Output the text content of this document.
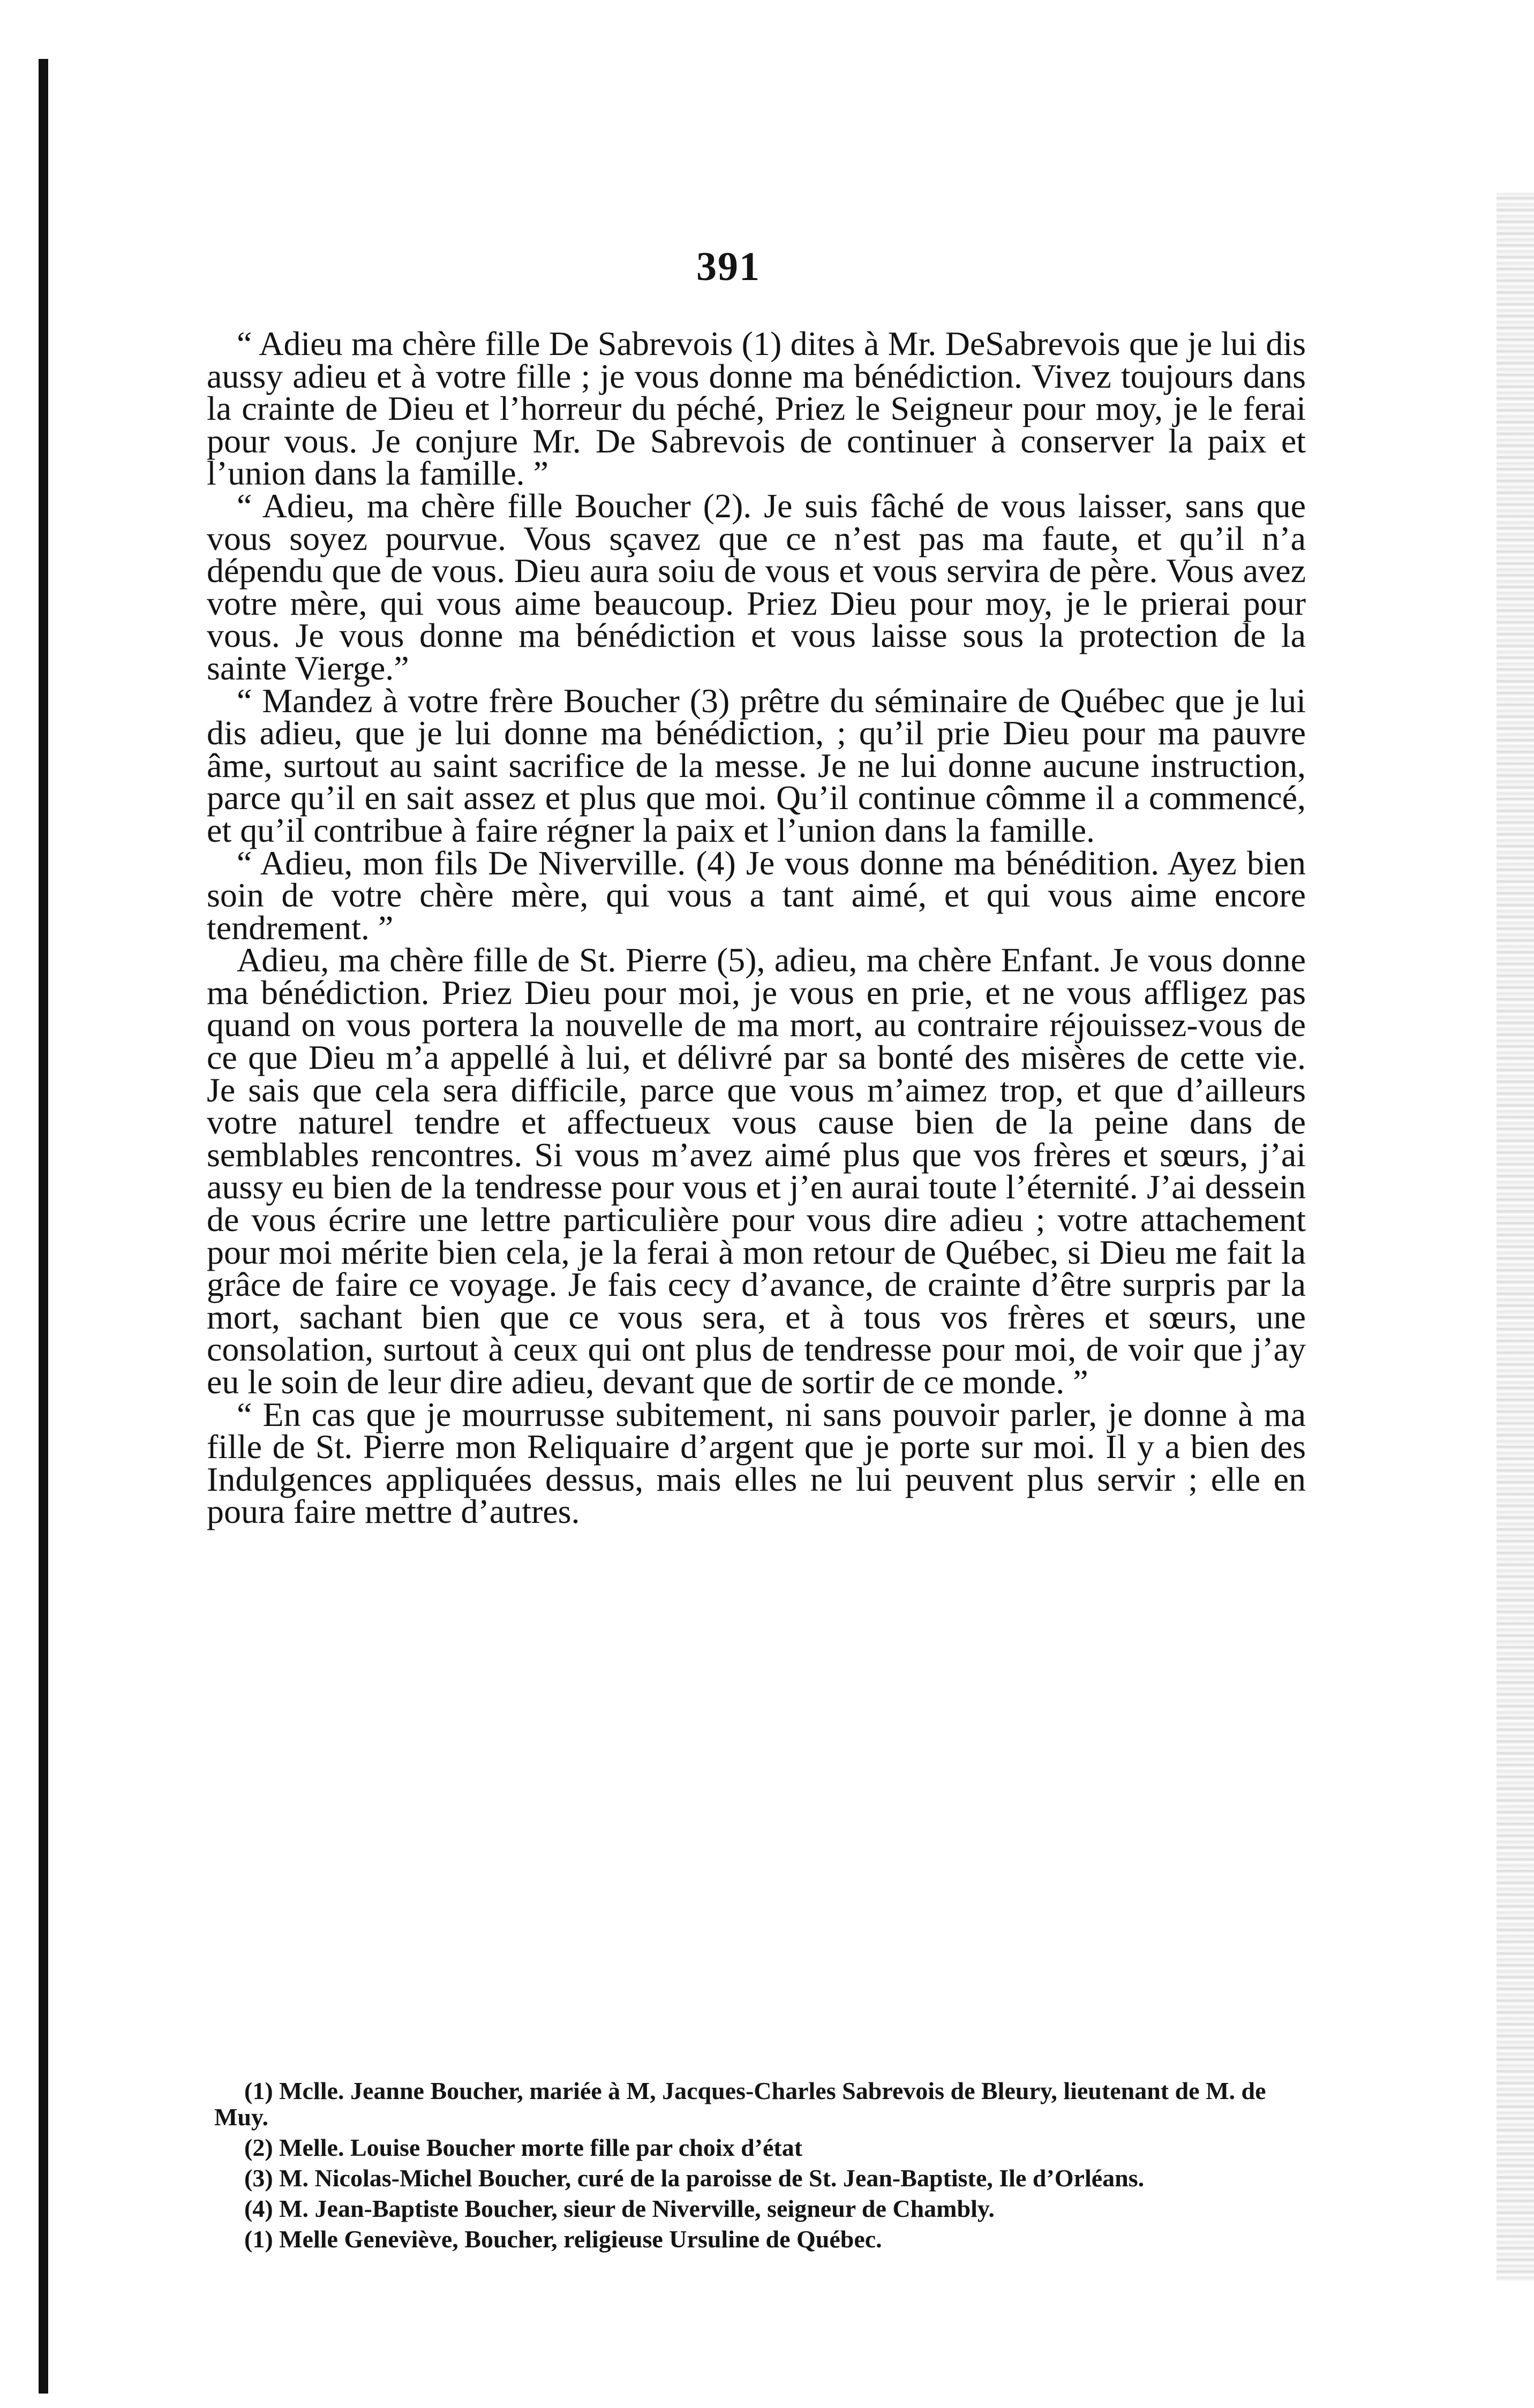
391

“ Adieu ma chère fille De Sabrevois (1) dites à Mr. DeSabrevois que je lui dis aussy adieu et à votre fille ; je vous donne ma bénédiction. Vivez toujours dans la crainte de Dieu et l’horreur du péché, Priez le Seigneur pour moy, je le ferai pour vous. Je conjure Mr. De Sabrevois de continuer à conserver la paix et l’union dans la famille. ”

“ Adieu, ma chère fille Boucher (2). Je suis fâché de vous laisser, sans que vous soyez pourvue. Vous sçavez que ce n’est pas ma faute, et qu’il n’a dépendu que de vous. Dieu aura soiu de vous et vous servira de père. Vous avez votre mère, qui vous aime beaucoup. Priez Dieu pour moy, je le prierai pour vous. Je vous donne ma bénédiction et vous laisse sous la protection de la sainte Vierge.”

“ Mandez à votre frère Boucher (3) prêtre du séminaire de Québec que je lui dis adieu, que je lui donne ma bénédiction, ; qu’il prie Dieu pour ma pauvre âme, surtout au saint sacrifice de la messe. Je ne lui donne aucune instruction, parce qu’il en sait assez et plus que moi. Qu’il continue cômme il a commencé, et qu’il contribue à faire régner la paix et l’union dans la famille.

“ Adieu, mon fils De Niverville. (4) Je vous donne ma bénédition. Ayez bien soin de votre chère mère, qui vous a tant aimé, et qui vous aime encore tendrement. ”

Adieu, ma chère fille de St. Pierre (5), adieu, ma chère Enfant. Je vous donne ma bénédiction. Priez Dieu pour moi, je vous en prie, et ne vous affligez pas quand on vous portera la nouvelle de ma mort, au contraire réjouissez-vous de ce que Dieu m’a appellé à lui, et délivré par sa bonté des misères de cette vie. Je sais que cela sera difficile, parce que vous m’aimez trop, et que d’ailleurs votre naturel tendre et affectueux vous cause bien de la peine dans de semblables rencontres. Si vous m’avez aimé plus que vos frères et sœurs, j’ai aussy eu bien de la tendresse pour vous et j’en aurai toute l’éternité. J’ai dessein de vous écrire une lettre particulière pour vous dire adieu ; votre attachement pour moi mérite bien cela, je la ferai à mon retour de Québec, si Dieu me fait la grâce de faire ce voyage. Je fais cecy d’avance, de crainte d’être surpris par la mort, sachant bien que ce vous sera, et à tous vos frères et sœurs, une consolation, surtout à ceux qui ont plus de tendresse pour moi, de voir que j’ay eu le soin de leur dire adieu, devant que de sortir de ce monde. ”

“ En cas que je mourrusse subitement, ni sans pouvoir parler, je donne à ma fille de St. Pierre mon Reliquaire d’argent que je porte sur moi. Il y a bien des Indulgences appliquées dessus, mais elles ne lui peuvent plus servir ; elle en poura faire mettre d’autres.

(1) Mclle. Jeanne Boucher, mariée à M, Jacques-Charles Sabrevois de Bleury, lieutenant de M. de Muy.

(2) Melle. Louise Boucher morte fille par choix d’état

(3) M. Nicolas-Michel Boucher, curé de la paroisse de St. Jean-Baptiste, Ile d’Orléans.

(4) M. Jean-Baptiste Boucher, sieur de Niverville, seigneur de Chambly.

(1) Melle Geneviève, Boucher, religieuse Ursuline de Québec.
